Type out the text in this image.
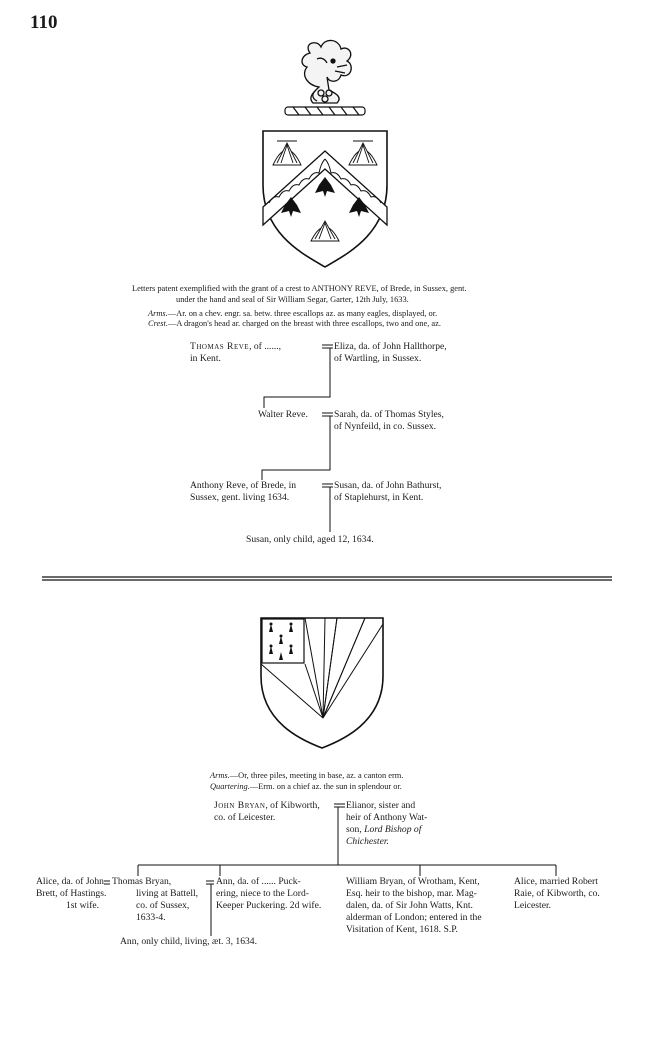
110
Letters patent exemplified with the grant of a crest to ANTHONY REVE, of Brede, in Sussex, gent.
under the hand and seal of Sir William Segar, Garter, 12th July, 1633.
Arms.—Ar. on a chev. engr. sa. betw. three escallops az. as many eagles, displayed, or.
Crest.—A dragon's head ar. charged on the breast with three escallops, two and one, az.
Thomas Reve, of ......,
in Kent.
Eliza, da. of John Hallthorpe,
of Wartling, in Sussex.
Walter Reve.	Sarah, da. of Thomas Styles,
of Nynfeild, in co. Sussex.
Anthony Reve, of Brede, in
Sussex, gent. living 1634.
Susan, da. of John Bathurst,
of Staplehurst, in Kent.
Susan, only child, aged 12, 1634.
Arms.—Or, three piles, meeting in base, az. a canton erm.
Quartering.—Erm. on a chief az. the sun in splendour or.
John Bryan, of Kibworth,
co. of Leicester.
Elianor, sister and
heir of Anthony Wat-
son, Lord Bishop of
Chichester.
Alice, da. of John
Brett, of Hastings.
1st wife.
Thomas Bryan,
living at Battell,
co. of Sussex,
1633-4.
Ann, da. of ...... Puck-
ering, niece to the Lord-
Keeper Puckering. 2d wife.
William Bryan, of Wrotham, Kent,
Esq. heir to the bishop, mar. Mag-
dalen, da. of Sir John Watts, Knt.
alderman of London; entered in the
Visitation of Kent, 1618. S.P.
Alice, married Robert
Raie, of Kibworth, co.
Leicester.
Ann, only child, living, æt. 3, 1634.
